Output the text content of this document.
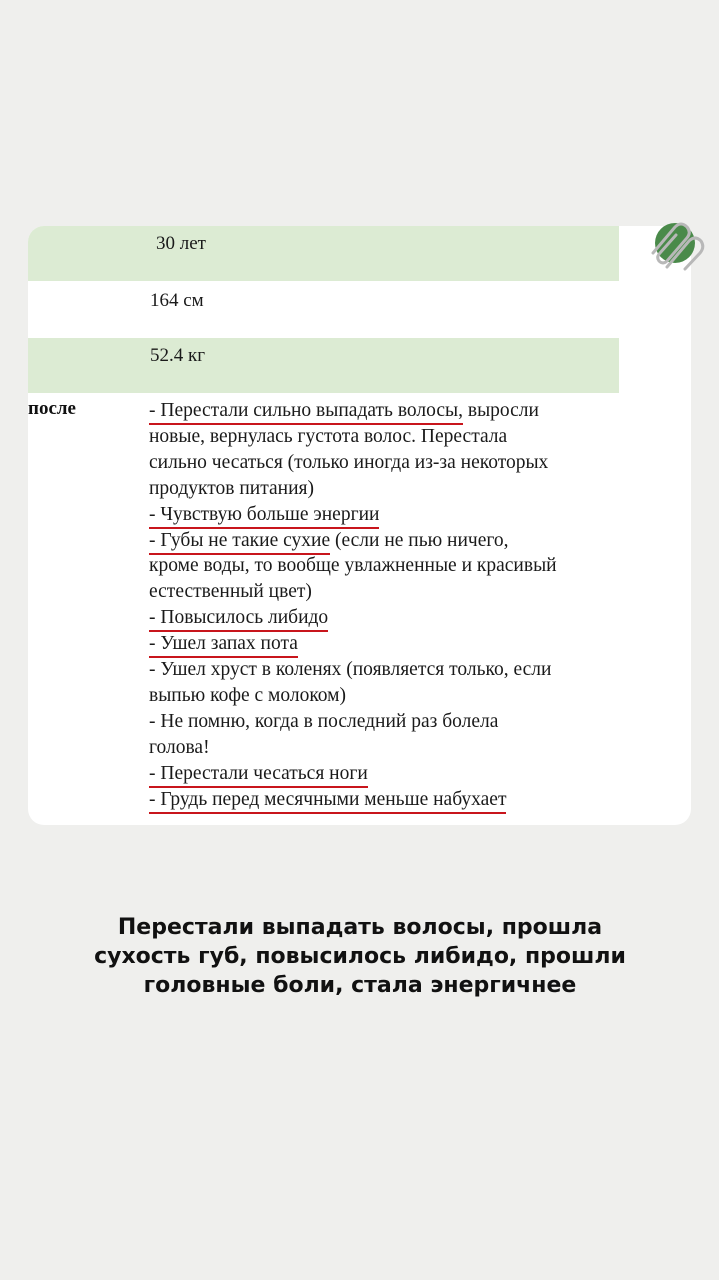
30 лет
164 см
52.4 кг
после	- Перестали сильно выпадать волосы, выросли
новые, вернулась густота волос. Перестала
сильно чесаться (только иногда из-за некоторых
продуктов питания)
- Чувствую больше энергии
- Губы не такие сухие (если не пью ничего,
кроме воды, то вообще увлажненные и красивый
естественный цвет)
- Повысилось либидо
- Ушел запах пота
- Ушел хруст в коленях (появляется только, если
выпью кофе с молоком)
- Не помню, когда в последний раз болела
голова!
- Перестали чесаться ноги
- Грудь перед месячными меньше набухает
Перестали выпадать волосы, прошла
сухость губ, повысилось либидо, прошли
головные боли, стала энергичнее
